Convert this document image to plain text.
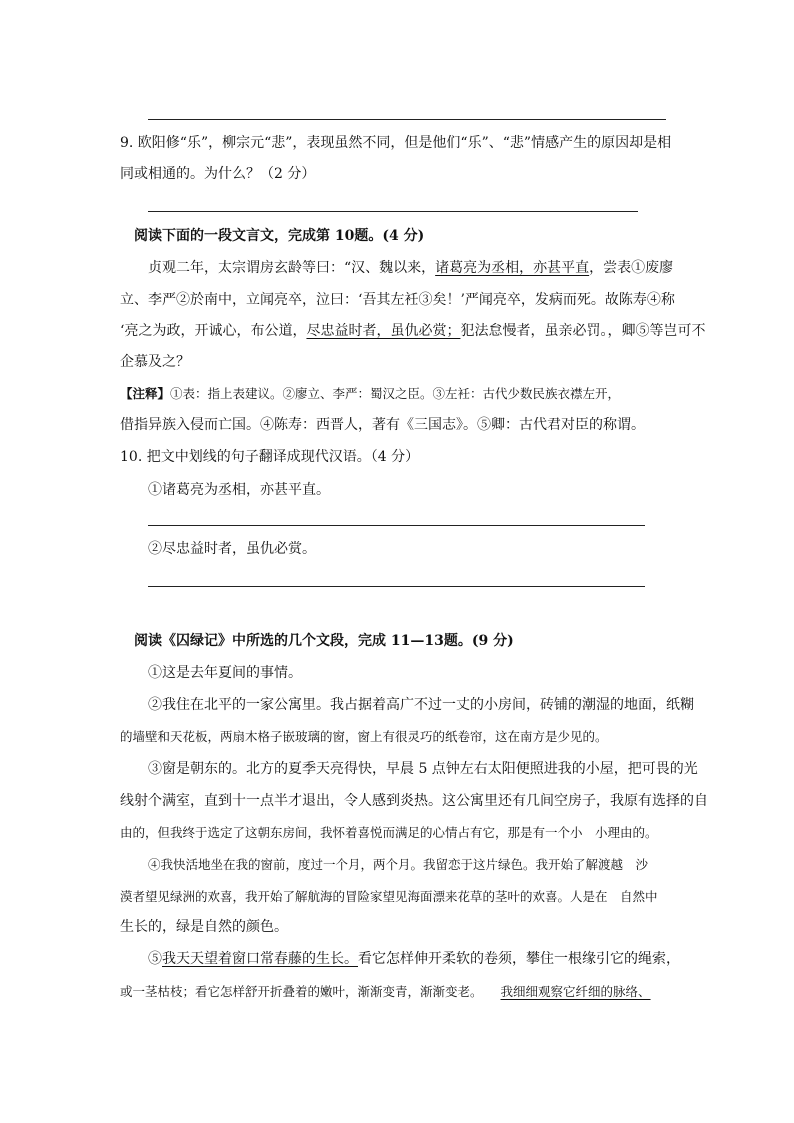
9. 欧阳修“乐”，柳宗元“悲”，表现虽然不同，但是他们“乐”、“悲”情感产生的原因却是相
同或相通的。为什么？（2 分）
阅读下面的一段文言文，完成第 10题。(4 分)
贞观二年，太宗谓房玄龄等曰：“汉、魏以来，诸葛亮为丞相，亦甚平直，尝表①废廖
立、李严②於南中，立闻亮卒，泣曰：‘吾其左衽③矣！’严闻亮卒，发病而死。故陈寿④称
‘亮之为政，开诚心，布公道，尽忠益时者，虽仇必赏；犯法怠慢者，虽亲必罚。，卿⑤等岂可不
企慕及之？
【注释】①表：指上表建议。②廖立、李严：蜀汉之臣。③左衽：古代少数民族衣襟左开，
借指异族入侵而亡国。④陈寿：西晋人，著有《三国志》。⑤卿：古代君对臣的称谓。
10. 把文中划线的句子翻译成现代汉语。（4 分）
①诸葛亮为丞相，亦甚平直。
②尽忠益时者，虽仇必赏。
阅读《囚绿记》中所选的几个文段，完成 11—13题。(9 分)
①这是去年夏间的事情。
②我住在北平的一家公寓里。我占据着高广不过一丈的小房间，砖铺的潮湿的地面，纸糊
的墙壁和天花板，两扇木格子嵌玻璃的窗，窗上有很灵巧的纸卷帘，这在南方是少见的。
③窗是朝东的。北方的夏季天亮得快，早晨 5 点钟左右太阳便照进我的小屋，把可畏的光
线射个满室，直到十一点半才退出，令人感到炎热。这公寓里还有几间空房子，我原有选择的自
由的，但我终于选定了这朝东房间，我怀着喜悦而满足的心情占有它，那是有一个小　小理由的。
④我快活地坐在我的窗前，度过一个月，两个月。我留恋于这片绿色。我开始了解渡越　沙
漠者望见绿洲的欢喜，我开始了解航海的冒险家望见海面漂来花草的茎叶的欢喜。人是在　自然中
生长的，绿是自然的颜色。
⑤我天天望着窗口常春藤的生长。看它怎样伸开柔软的卷须，攀住一根缘引它的绳索，
或一茎枯枝；看它怎样舒开折叠着的嫩叶，渐渐变青，渐渐变老。 我细细观察它纤细的脉络、
